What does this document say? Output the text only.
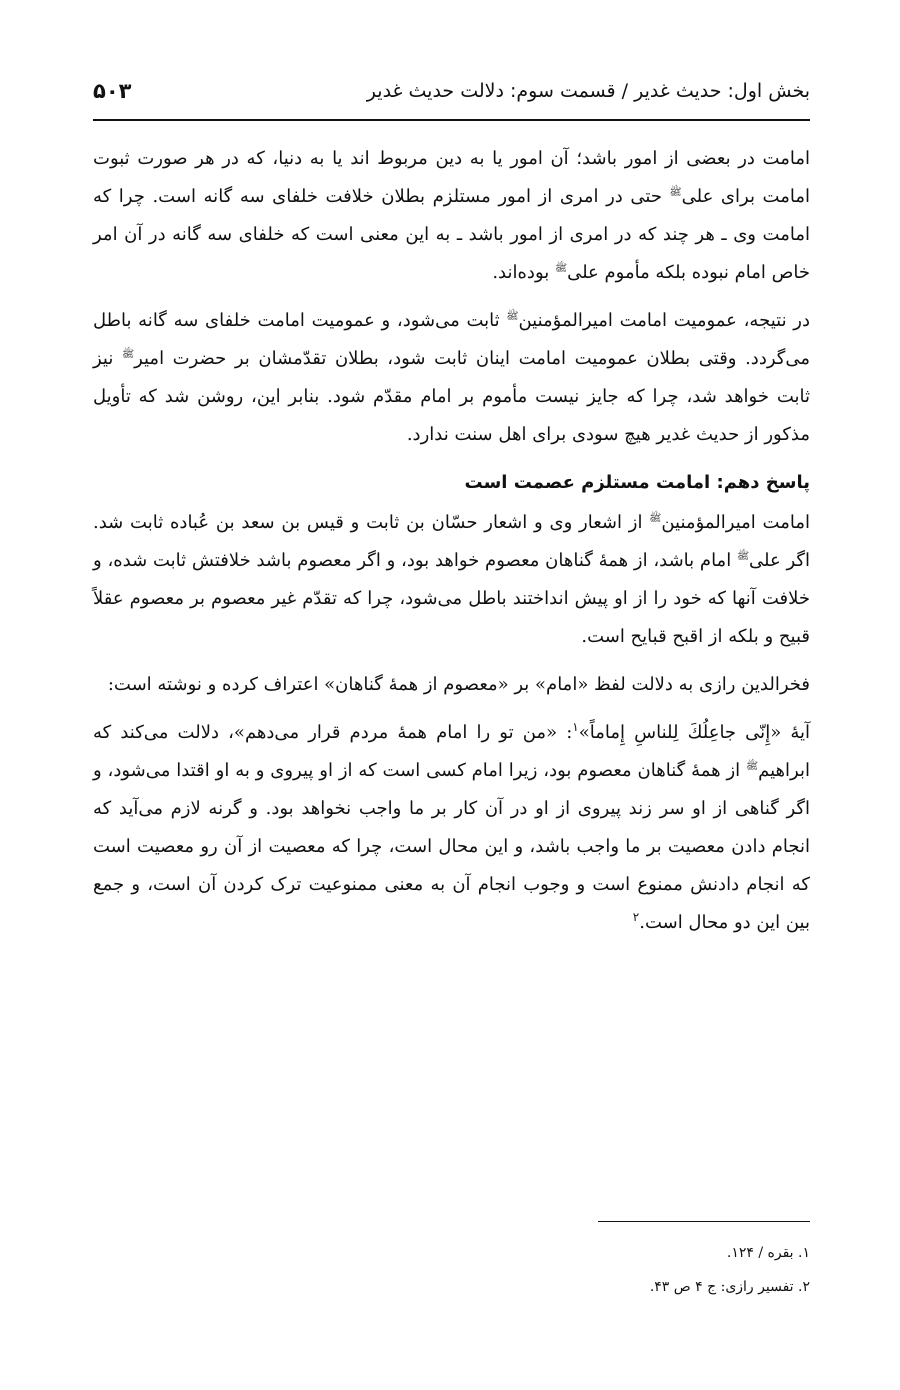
بخش اول: حدیث غدیر / قسمت سوم: دلالت حدیث غدیر
۵۰۳

امامت در بعضی از امور باشد؛ آن امور یا به دین مربوط اند یا به دنیا، که در هر صورت ثبوت امامت برای علی$^ﷺ$ حتی در امری از امور مستلزم بطلان خلافت خلفای سه گانه است. چرا که امامت وی ـ هر چند که در امری از امور باشد ـ به این معنی است که خلفای سه گانه در آن امر خاص امام نبوده بلکه مأموم علی$^ﷺ$ بوده‌اند.

در نتیجه، عمومیت امامت امیرالمؤمنین$^ﷺ$ ثابت می‌شود، و عمومیت امامت خلفای سه گانه باطل می‌گردد. وقتی بطلان عمومیت امامت اینان ثابت شود، بطلان تقدّمشان بر حضرت امیر$^ﷺ$ نیز ثابت خواهد شد، چرا که جایز نیست مأموم بر امام مقدّم شود. بنابر این، روشن شد که تأویل مذکور از حدیث غدیر هیچ سودی برای اهل سنت ندارد.

پاسخ دهم: امامت مستلزم عصمت است

امامت امیرالمؤمنین$^ﷺ$ از اشعار وی و اشعار حسّان بن ثابت و قیس بن سعد بن عُباده ثابت شد. اگر علی$^ﷺ$ امام باشد، از همهٔ گناهان معصوم خواهد بود، و اگر معصوم باشد خلافتش ثابت شده، و خلافت آنها که خود را از او پیش انداختند باطل می‌شود، چرا که تقدّم غیر معصوم بر معصوم عقلاً قبیح و بلکه از اقبح قبایح است.

فخرالدین رازی به دلالت لفظ «امام» بر «معصوم از همهٔ گناهان» اعتراف کرده و نوشته است:

آیهٔ «إِنّی جاعِلُكَ لِلناسِ إِماماً»$^۱$: «من تو را امام همهٔ مردم قرار می‌دهم»، دلالت می‌کند که ابراهیم$^ﷺ$ از همهٔ گناهان معصوم بود، زیرا امام کسی است که از او پیروی و به او اقتدا می‌شود، و اگر گناهی از او سر زند پیروی از او در آن کار بر ما واجب نخواهد بود. و گرنه لازم می‌آید که انجام دادن معصیت بر ما واجب باشد، و این محال است، چرا که معصیت از آن رو معصیت است که انجام دادنش ممنوع است و وجوب انجام آن به معنی ممنوعیت ترک کردن آن است، و جمع بین این دو محال است.$^۲$

۱. بقره / ۱۲۴.

۲. تفسیر رازی: ج ۴ ص ۴۳.
